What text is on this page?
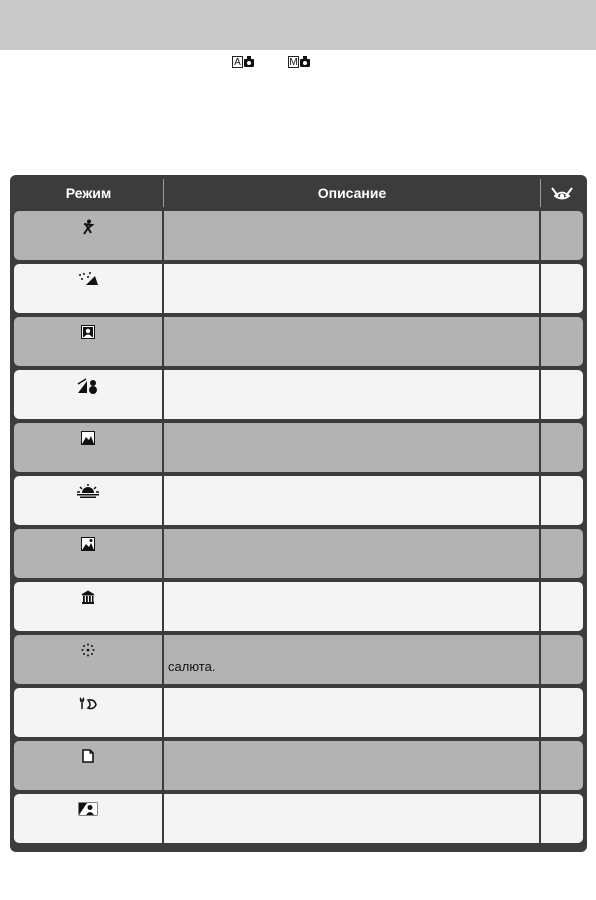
A	M
Режим	Описание
салюта.
